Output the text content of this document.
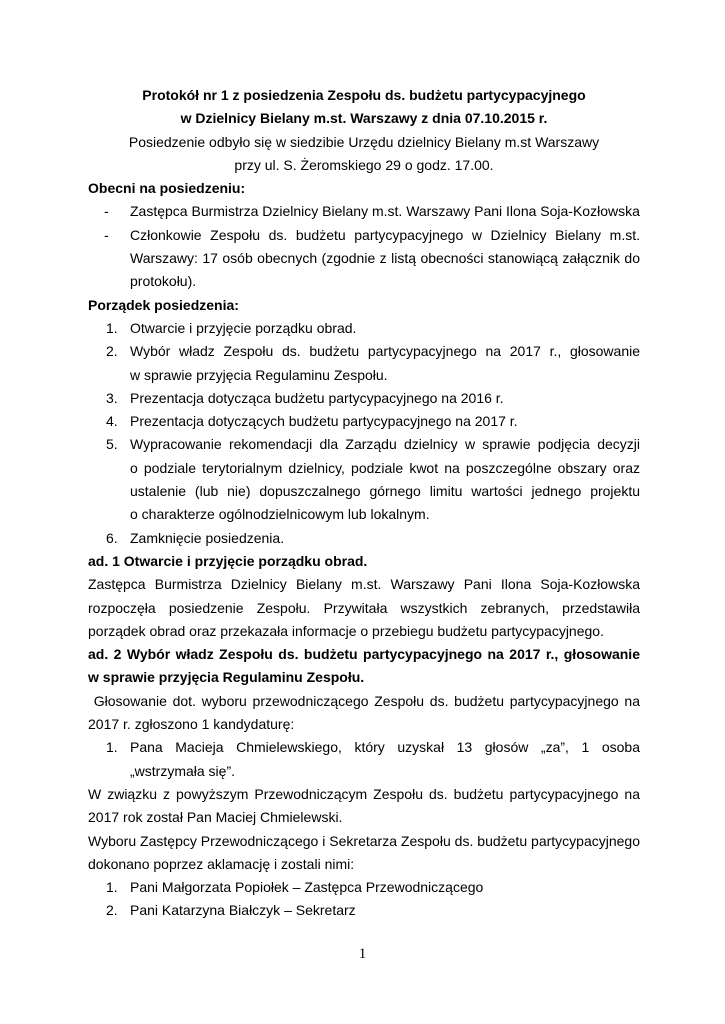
Protokół nr 1 z posiedzenia Zespołu ds. budżetu partycypacyjnego
w Dzielnicy Bielany m.st. Warszawy z dnia 07.10.2015 r.
Posiedzenie odbyło się w siedzibie Urzędu dzielnicy Bielany m.st Warszawy
przy ul. S. Żeromskiego 29 o godz. 17.00.
Obecni na posiedzeniu:
- Zastępca Burmistrza Dzielnicy Bielany m.st. Warszawy Pani Ilona Soja-Kozłowska
- Członkowie Zespołu ds. budżetu partycypacyjnego w Dzielnicy Bielany m.st.
Warszawy: 17 osób obecnych (zgodnie z listą obecności stanowiącą załącznik do
protokołu).
Porządek posiedzenia:
1. Otwarcie i przyjęcie porządku obrad.
2. Wybór władz Zespołu ds. budżetu partycypacyjnego na 2017 r., głosowanie
w sprawie przyjęcia Regulaminu Zespołu.
3. Prezentacja dotycząca budżetu partycypacyjnego na 2016 r.
4. Prezentacja dotyczących budżetu partycypacyjnego na 2017 r.
5. Wypracowanie rekomendacji dla Zarządu dzielnicy w sprawie podjęcia decyzji
o podziale terytorialnym dzielnicy, podziale kwot na poszczególne obszary oraz
ustalenie (lub nie) dopuszczalnego górnego limitu wartości jednego projektu
o charakterze ogólnodzielnicowym lub lokalnym.
6. Zamknięcie posiedzenia.
ad. 1 Otwarcie i przyjęcie porządku obrad.
Zastępca Burmistrza Dzielnicy Bielany m.st. Warszawy Pani Ilona Soja-Kozłowska
rozpoczęła posiedzenie Zespołu. Przywitała wszystkich zebranych, przedstawiła
porządek obrad oraz przekazała informacje o przebiegu budżetu partycypacyjnego.
ad. 2 Wybór władz Zespołu ds. budżetu partycypacyjnego na 2017 r., głosowanie
w sprawie przyjęcia Regulaminu Zespołu.
Głosowanie dot. wyboru przewodniczącego Zespołu ds. budżetu partycypacyjnego na
2017 r. zgłoszono 1 kandydaturę:
1. Pana Macieja Chmielewskiego, który uzyskał 13 głosów „za”, 1 osoba
„wstrzymała się”.
W związku z powyższym Przewodniczącym Zespołu ds. budżetu partycypacyjnego na
2017 rok został Pan Maciej Chmielewski.
Wyboru Zastępcy Przewodniczącego i Sekretarza Zespołu ds. budżetu partycypacyjnego
dokonano poprzez aklamację i zostali nimi:
1. Pani Małgorzata Popiołek – Zastępca Przewodniczącego
2. Pani Katarzyna Białczyk – Sekretarz
1
